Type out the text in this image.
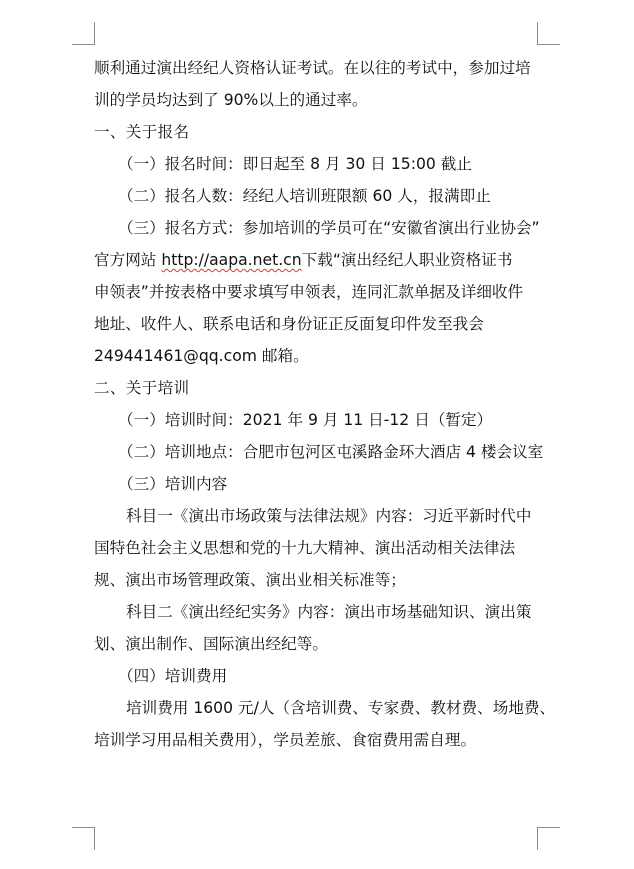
顺利通过演出经纪人资格认证考试。在以往的考试中，参加过培
训的学员均达到了 90%以上的通过率。
一、关于报名
（一）报名时间：即日起至 8 月 30 日 15:00 截止
（二）报名人数：经纪人培训班限额 60 人，报满即止
（三）报名方式：参加培训的学员可在“安徽省演出行业协会”
官方网站 http://aapa.net.cn下载“演出经纪人职业资格证书
申领表”并按表格中要求填写申领表，连同汇款单据及详细收件
地址、收件人、联系电话和身份证正反面复印件发至我会
249441461@qq.com 邮箱。
二、关于培训
（一）培训时间：2021 年 9 月 11 日-12 日（暂定）
（二）培训地点：合肥市包河区屯溪路金环大酒店 4 楼会议室
（三）培训内容
科目一《演出市场政策与法律法规》内容：习近平新时代中
国特色社会主义思想和党的十九大精神、演出活动相关法律法
规、演出市场管理政策、演出业相关标准等；
科目二《演出经纪实务》内容：演出市场基础知识、演出策
划、演出制作、国际演出经纪等。
（四）培训费用
培训费用 1600 元/人（含培训费、专家费、教材费、场地费、
培训学习用品相关费用），学员差旅、食宿费用需自理。
